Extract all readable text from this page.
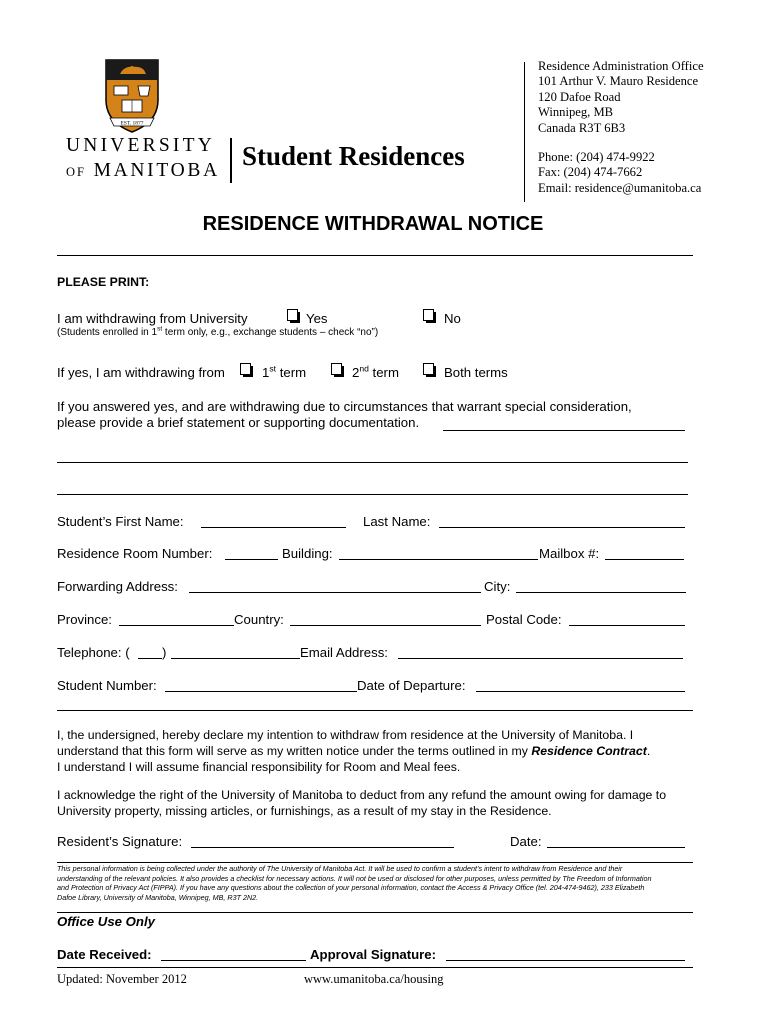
EST. 1877
UNIVERSITY
OF MANITOBA Student Residences
Residence Administration Office
101 Arthur V. Mauro Residence
120 Dafoe Road
Winnipeg, MB
Canada R3T 6B3
Phone: (204) 474-9922
Fax: (204) 474-7662
Email: residence@umanitoba.ca
RESIDENCE WITHDRAWAL NOTICE
PLEASE PRINT:
I am withdrawing from University	Yes	No
(Students enrolled in 1st term only, e.g., exchange students – check “no”)
If yes, I am withdrawing from	1st term	2nd term	Both terms
If you answered yes, and are withdrawing due to circumstances that warrant special consideration,
please provide a brief statement or supporting documentation.
Student’s First Name:	Last Name:
Residence Room Number:	Building:	Mailbox #:
Forwarding Address:	City:
Province:	Country:	Postal Code:
Telephone: ( )	Email Address:
Student Number:	Date of Departure:
I, the undersigned, hereby declare my intention to withdraw from residence at the University of Manitoba. I
understand that this form will serve as my written notice under the terms outlined in my Residence Contract.
I understand I will assume financial responsibility for Room and Meal fees.
I acknowledge the right of the University of Manitoba to deduct from any refund the amount owing for damage to
University property, missing articles, or furnishings, as a result of my stay in the Residence.
Resident’s Signature:	Date:
This personal information is being collected under the authority of The University of Manitoba Act. It will be used to confirm a student’s intent to withdraw from Residence and their
understanding of the relevant policies. It also provides a checklist for necessary actions. It will not be used or disclosed for other purposes, unless permitted by The Freedom of Information
and Protection of Privacy Act (FIPPA). If you have any questions about the collection of your personal information, contact the Access & Privacy Office (tel. 204-474-9462), 233 Elizabeth
Dafoe Library, University of Manitoba, Winnipeg, MB, R3T 2N2.
Office Use Only
Date Received:	Approval Signature:
Updated: November 2012	www.umanitoba.ca/housing
